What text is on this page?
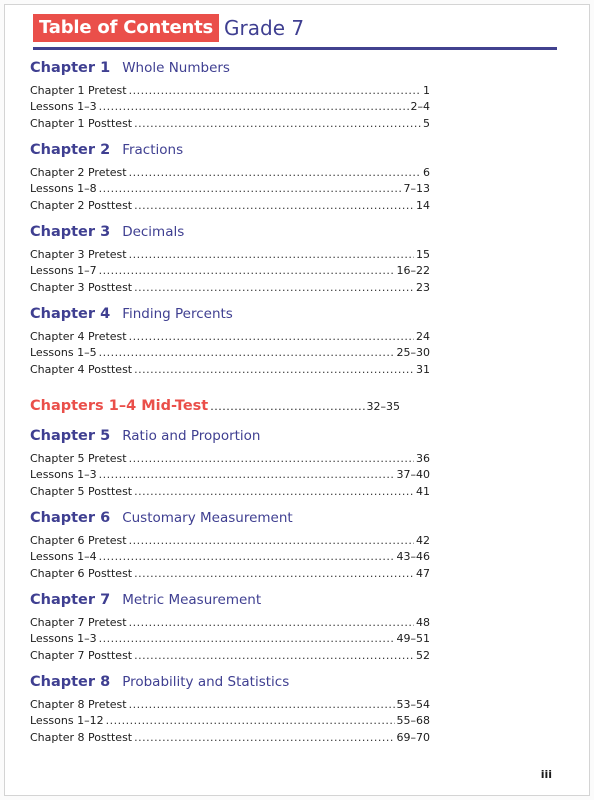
Table of Contents Grade 7
Chapter 1 Whole Numbers
Chapter 1 Pretest .....	1
Lessons 1–3 .....	2–4
Chapter 1 Posttest .....	5
Chapter 2 Fractions
Chapter 2 Pretest .....	6
Lessons 1–8 .....	7–13
Chapter 2 Posttest .....	14
Chapter 3 Decimals
Chapter 3 Pretest .....	15
Lessons 1–7 .....	16–22
Chapter 3 Posttest .....	23
Chapter 4 Finding Percents
Chapter 4 Pretest .....	24
Lessons 1–5 .....	25–30
Chapter 4 Posttest .....	31
Chapters 1–4 Mid-Test .....	32–35
Chapter 5 Ratio and Proportion
Chapter 5 Pretest .....	36
Lessons 1–3 .....	37–40
Chapter 5 Posttest .....	41
Chapter 6 Customary Measurement
Chapter 6 Pretest .....	42
Lessons 1–4 .....	43–46
Chapter 6 Posttest .....	47
Chapter 7 Metric Measurement
Chapter 7 Pretest .....	48
Lessons 1–3 .....	49–51
Chapter 7 Posttest .....	52
Chapter 8 Probability and Statistics
Chapter 8 Pretest .....	53–54
Lessons 1–12 .....	55–68
Chapter 8 Posttest .....	69–70
iii
